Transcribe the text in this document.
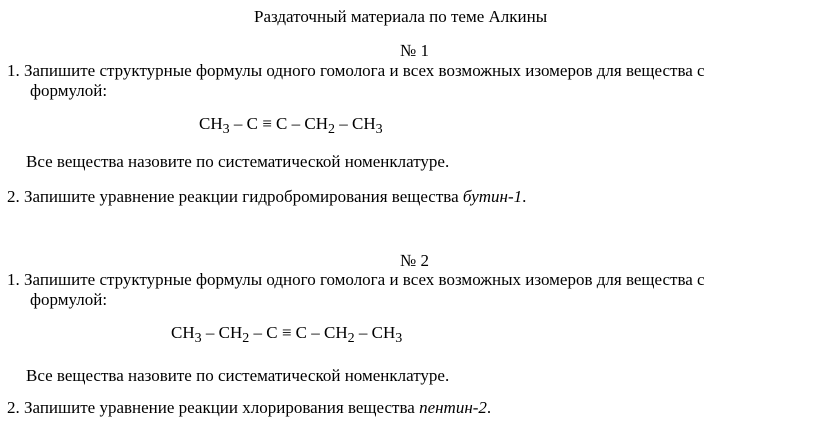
Раздаточный материала по теме Алкины
№ 1
1. Запишите структурные формулы одного гомолога и всех возможных изомеров для вещества с
формулой:
$CH_3 - C \equiv C - CH_2 - CH_3$
Все вещества назовите по систематической номенклатуре.
2. Запишите уравнение реакции гидробромирования вещества бутин-1.
№ 2
1. Запишите структурные формулы одного гомолога и всех возможных изомеров для вещества с
формулой:
$CH_3 - CH_2 - C \equiv C - CH_2 - CH_3$
Все вещества назовите по систематической номенклатуре.
2. Запишите уравнение реакции хлорирования вещества пентин-2.
